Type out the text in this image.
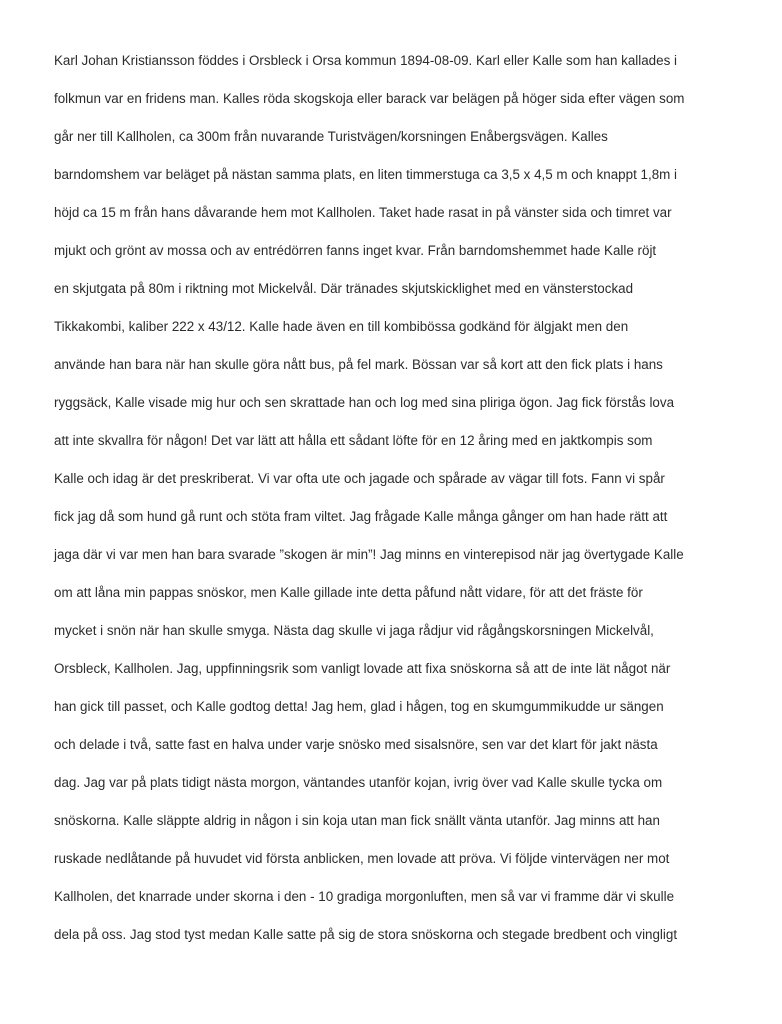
Karl Johan Kristiansson föddes i Orsbleck i Orsa kommun 1894-08-09. Karl eller Kalle som han kallades i
folkmun var en fridens man. Kalles röda skogskoja eller barack var belägen på höger sida efter vägen som
går ner till Kallholen, ca 300m från nuvarande Turistvägen/korsningen Enåbergsvägen. Kalles
barndomshem var beläget på nästan samma plats, en liten timmerstuga ca 3,5 x 4,5 m och knappt 1,8m i
höjd ca 15 m från hans dåvarande hem mot Kallholen. Taket hade rasat in på vänster sida och timret var
mjukt och grönt av mossa och av entrédörren fanns inget kvar. Från barndomshemmet hade Kalle röjt
en skjutgata på 80m i riktning mot Mickelvål. Där tränades skjutskicklighet med en vänsterstockad
Tikkakombi, kaliber 222 x 43/12. Kalle hade även en till kombibössa godkänd för älgjakt men den
använde han bara när han skulle göra nått bus, på fel mark. Bössan var så kort att den fick plats i hans
ryggsäck, Kalle visade mig hur och sen skrattade han och log med sina pliriga ögon. Jag fick förstås lova
att inte skvallra för någon! Det var lätt att hålla ett sådant löfte för en 12 åring med en jaktkompis som
Kalle och idag är det preskriberat. Vi var ofta ute och jagade och spårade av vägar till fots. Fann vi spår
fick jag då som hund gå runt och stöta fram viltet. Jag frågade Kalle många gånger om han hade rätt att
jaga där vi var men han bara svarade ”skogen är min”! Jag minns en vinterepisod när jag övertygade Kalle
om att låna min pappas snöskor, men Kalle gillade inte detta påfund nått vidare, för att det fräste för
mycket i snön när han skulle smyga. Nästa dag skulle vi jaga rådjur vid rågångskorsningen Mickelvål,
Orsbleck, Kallholen. Jag, uppfinningsrik som vanligt lovade att fixa snöskorna så att de inte lät något när
han gick till passet, och Kalle godtog detta! Jag hem, glad i hågen, tog en skumgummikudde ur sängen
och delade i två, satte fast en halva under varje snösko med sisalsnöre, sen var det klart för jakt nästa
dag. Jag var på plats tidigt nästa morgon, väntandes utanför kojan, ivrig över vad Kalle skulle tycka om
snöskorna. Kalle släppte aldrig in någon i sin koja utan man fick snällt vänta utanför. Jag minns att han
ruskade nedlåtande på huvudet vid första anblicken, men lovade att pröva. Vi följde vintervägen ner mot
Kallholen, det knarrade under skorna i den - 10 gradiga morgonluften, men så var vi framme där vi skulle
dela på oss. Jag stod tyst medan Kalle satte på sig de stora snöskorna och stegade bredbent och vingligt
